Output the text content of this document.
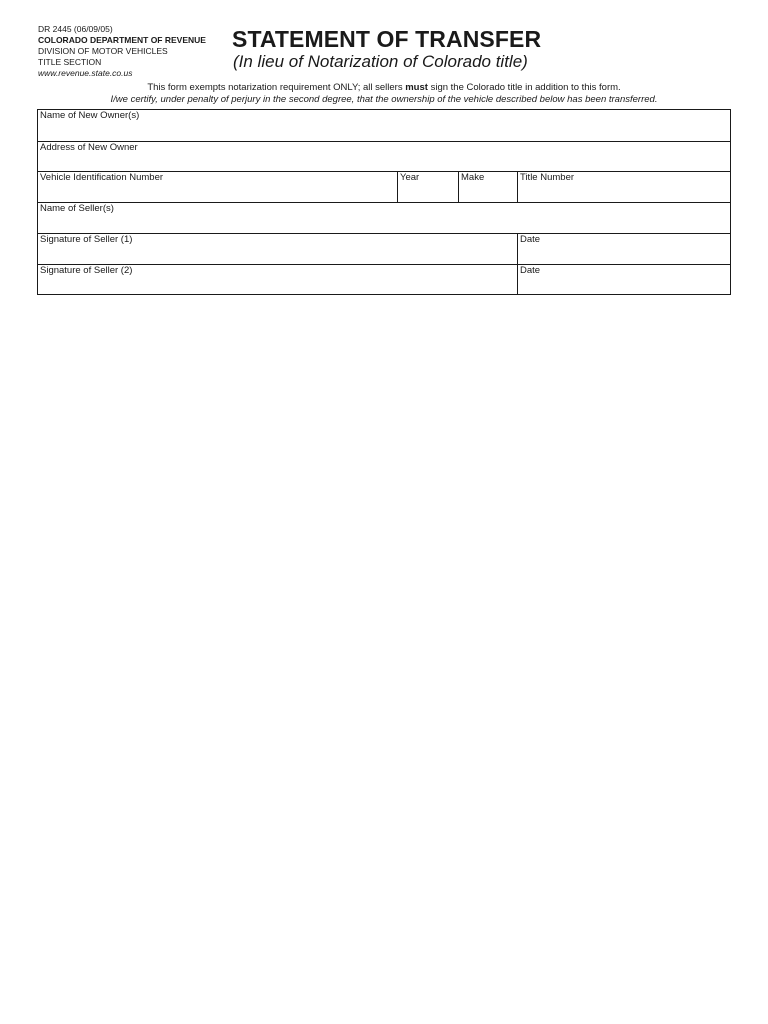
DR 2445 (06/09/05)
COLORADO DEPARTMENT OF REVENUE
DIVISION OF MOTOR VEHICLES
TITLE SECTION
www.revenue.state.co.us
STATEMENT OF TRANSFER
(In lieu of Notarization of Colorado title)
This form exempts notarization requirement ONLY; all sellers must sign the Colorado title in addition to this form.
I/we certify, under penalty of perjury in the second degree, that the ownership of the vehicle described below has been transferred.
Name of New Owner(s)
Address of New Owner
Vehicle Identification Number	Year	Make	Title Number
Name of Seller(s)
Signature of Seller (1)	Date
Signature of Seller (2)	Date
